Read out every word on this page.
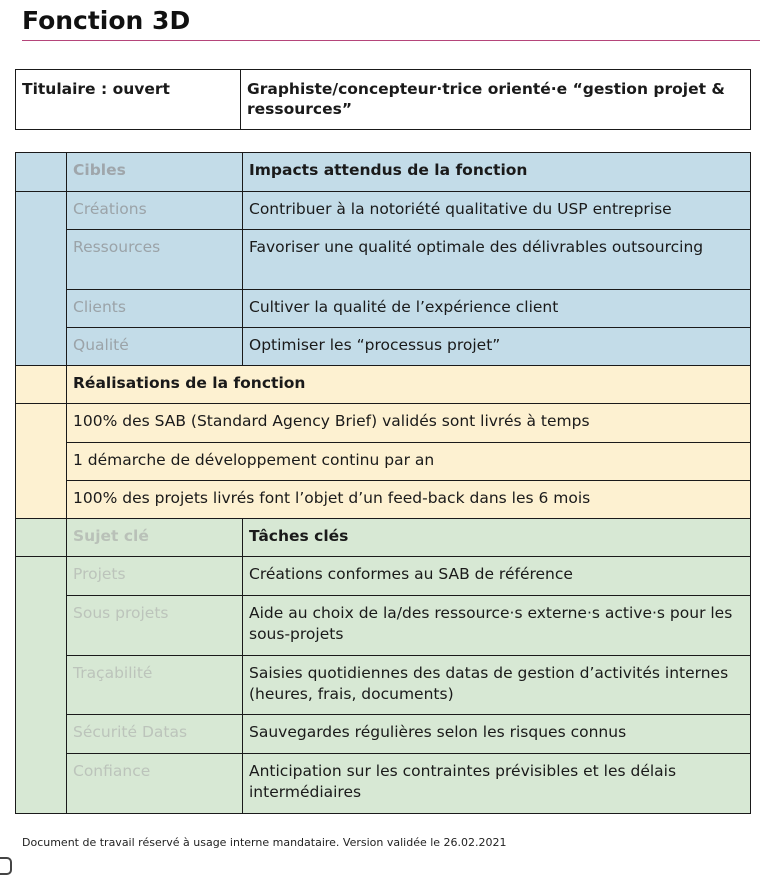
Fonction 3D
Titulaire : ouvert	Graphiste/concepteur·trice orienté·e “gestion projet & ressources”
	Cibles	Impacts attendus de la fonction
	Créations	Contribuer à la notoriété qualitative du USP entreprise
	Ressources	Favoriser une qualité optimale des délivrables outsourcing
	Clients	Cultiver la qualité de l’expérience client
	Qualité	Optimiser les “processus projet”
	Réalisations de la fonction	
	100% des SAB (Standard Agency Brief) validés sont livrés à temps	
	1 démarche de développement continu par an	
	100% des projets livrés font l’objet d’un feed-back dans les 6 mois	
	Sujet clé	Tâches clés
	Projets	Créations conformes au SAB de référence
	Sous projets	Aide au choix de la/des ressource·s externe·s active·s pour les sous-projets
	Traçabilité	Saisies quotidiennes des datas de gestion d’activités internes (heures, frais, documents)
	Sécurité Datas	Sauvegardes régulières selon les risques connus
	Confiance	Anticipation sur les contraintes prévisibles et les délais intermédiaires
Document de travail réservé à usage interne mandataire. Version validée le 26.02.2021
